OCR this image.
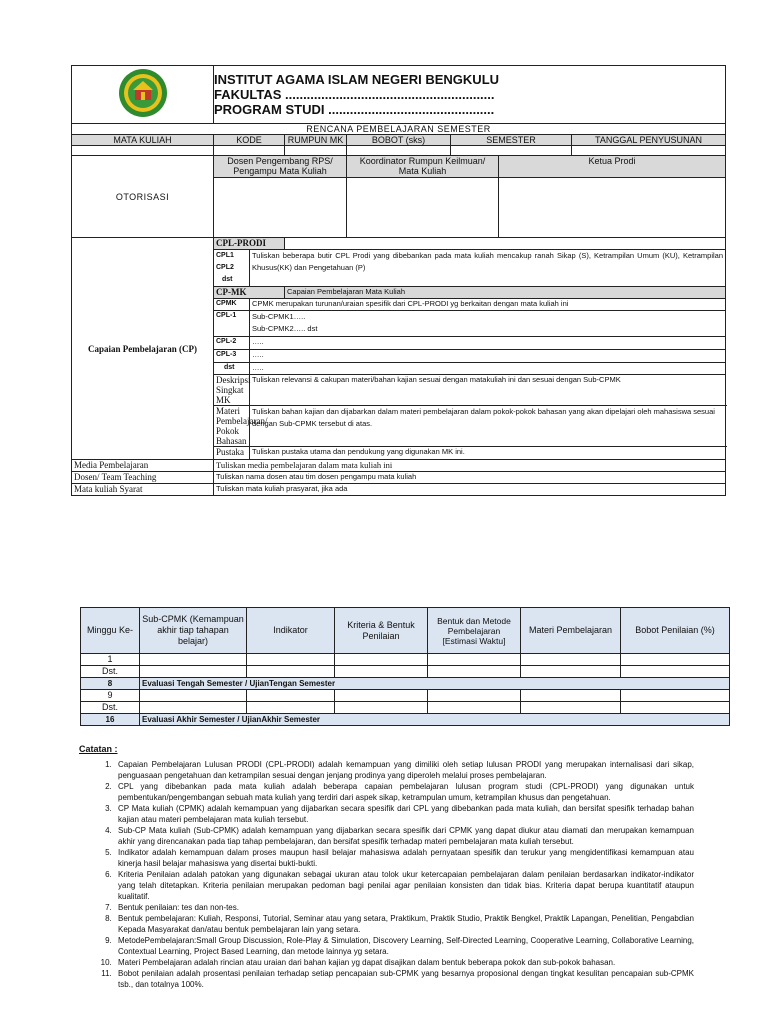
INSTITUT AGAMA ISLAM NEGERI BENGKULU
FAKULTAS ..........................................................
PROGRAM STUDI ..............................................						

RENCANA PEMBELAJARAN SEMESTER							
MATA KULIAH	KODE		RUMPUN MK	BOBOT (sks)	SEMESTER		TANGGAL PENYUSUNAN

OTORISASI	Dosen Pengembang RPS/ Pengampu Mata Kuliah			Koordinator Rumpun Keilmuan/ Mata Kuliah		Ketua Prodi	

Capaian Pembelajaran (CP)	CPL-PRODI						

	CPL1
CPL2
dst	Tuliskan beberapa butir CPL Prodi yang dibebankan pada mata kuliah mencakup ranah Sikap (S), Ketrampilan Umum (KU), Ketrampilan Khusus(KK) dan Pengetahuan (P)					
	CP-MK		Capaian Pembelajaran Mata Kuliah				
	CPMK	CPMK merupakan turunan/uraian spesifik dari CPL-PRODI yg berkaitan dengan mata kuliah ini					
	CPL-1	Sub-CPMK1…..
Sub-CPMK2….. dst					

	CPL-2	…..					
	CPL-3	…..					
	dst	…..					
	Deskripsi Singkat MK	Tuliskan relevansi & cakupan materi/bahan kajian sesuai dengan matakuliah ini dan sesuai dengan Sub-CPMK					
	Materi Pembelajaran/ Pokok Bahasan	Tuliskan bahan kajian dan dijabarkan dalam materi pembelajaran dalam pokok-pokok bahasan yang akan dipelajari oleh mahasiswa sesuai dengan Sub-CPMK tersebut di atas.					
	Pustaka	Tuliskan pustaka utama dan pendukung yang digunakan MK ini.					
Media Pembelajaran	Tuliskan media pembelajaran dalam mata kuliah ini						
Dosen/ Team Teaching	Tuliskan nama dosen atau tim dosen pengampu mata kuliah						
Mata kuliah Syarat	Tuliskan mata kuliah prasyarat, jika ada						
Minggu Ke-	Sub-CPMK (Kemampuan akhir tiap tahapan belajar)	Indikator	Kriteria & Bentuk Penilaian	Bentuk dan Metode Pembelajaran [Estimasi Waktu]	Materi Pembelajaran	Bobot Penilaian (%)
1						
Dst.						
8	Evaluasi Tengah Semester / UjianTengan Semester					
9						
Dst.						
16	Evaluasi Akhir Semester / UjianAkhir Semester					
Catatan :
1. Capaian Pembelajaran Lulusan PRODI (CPL-PRODI) adalah kemampuan yang dimiliki oleh setiap lulusan PRODI yang merupakan internalisasi dari sikap, penguasaan pengetahuan dan ketrampilan sesuai dengan jenjang prodinya yang diperoleh melalui proses pembelajaran.
2. CPL yang dibebankan pada mata kuliah adalah beberapa capaian pembelajaran lulusan program studi (CPL-PRODI) yang digunakan untuk pembentukan/pengembangan sebuah mata kuliah yang terdiri dari aspek sikap, ketrampulan umum, ketrampilan khusus dan pengetahuan.
3. CP Mata kuliah (CPMK) adalah kemampuan yang dijabarkan secara spesifik dari CPL yang dibebankan pada mata kuliah, dan bersifat spesifik terhadap bahan kajian atau materi pembelajaran mata kuliah tersebut.
4. Sub-CP Mata kuliah (Sub-CPMK) adalah kemampuan yang dijabarkan secara spesifik dari CPMK yang dapat diukur atau diamati dan merupakan kemampuan akhir yang direncanakan pada tiap tahap pembelajaran, dan bersifat spesifik terhadap materi pembelajaran mata kuliah tersebut.
5. Indikator adalah kemampuan dalam proses maupun hasil belajar mahasiswa adalah pernyataan spesifik dan terukur yang mengidentifikasi kemampuan atau kinerja hasil belajar mahasiswa yang disertai bukti-bukti.
6. Kriteria Penilaian adalah patokan yang digunakan sebagai ukuran atau tolok ukur ketercapaian pembelajaran dalam penilaian berdasarkan indikator-indikator yang telah ditetapkan. Kriteria penilaian merupakan pedoman bagi penilai agar penilaian konsisten dan tidak bias. Kriteria dapat berupa kuantitatif ataupun kualitatif.
7. Bentuk penilaian: tes dan non-tes.
8. Bentuk pembelajaran: Kuliah, Responsi, Tutorial, Seminar atau yang setara, Praktikum, Praktik Studio, Praktik Bengkel, Praktik Lapangan, Penelitian, Pengabdian Kepada Masyarakat dan/atau bentuk pembelajaran lain yang setara.
9. MetodePembelajaran:Small Group Discussion, Role-Play & Simulation, Discovery Learning, Self-Directed Learning, Cooperative Learning, Collaborative Learning, Contextual Learning, Project Based Learning, dan metode lainnya yg setara.
10. Materi Pembelajaran adalah rincian atau uraian dari bahan kajian yg dapat disajikan dalam bentuk beberapa pokok dan sub-pokok bahasan.
11. Bobot penilaian adalah prosentasi penilaian terhadap setiap pencapaian sub-CPMK yang besarnya proposional dengan tingkat kesulitan pencapaian sub-CPMK tsb., dan totalnya 100%.
